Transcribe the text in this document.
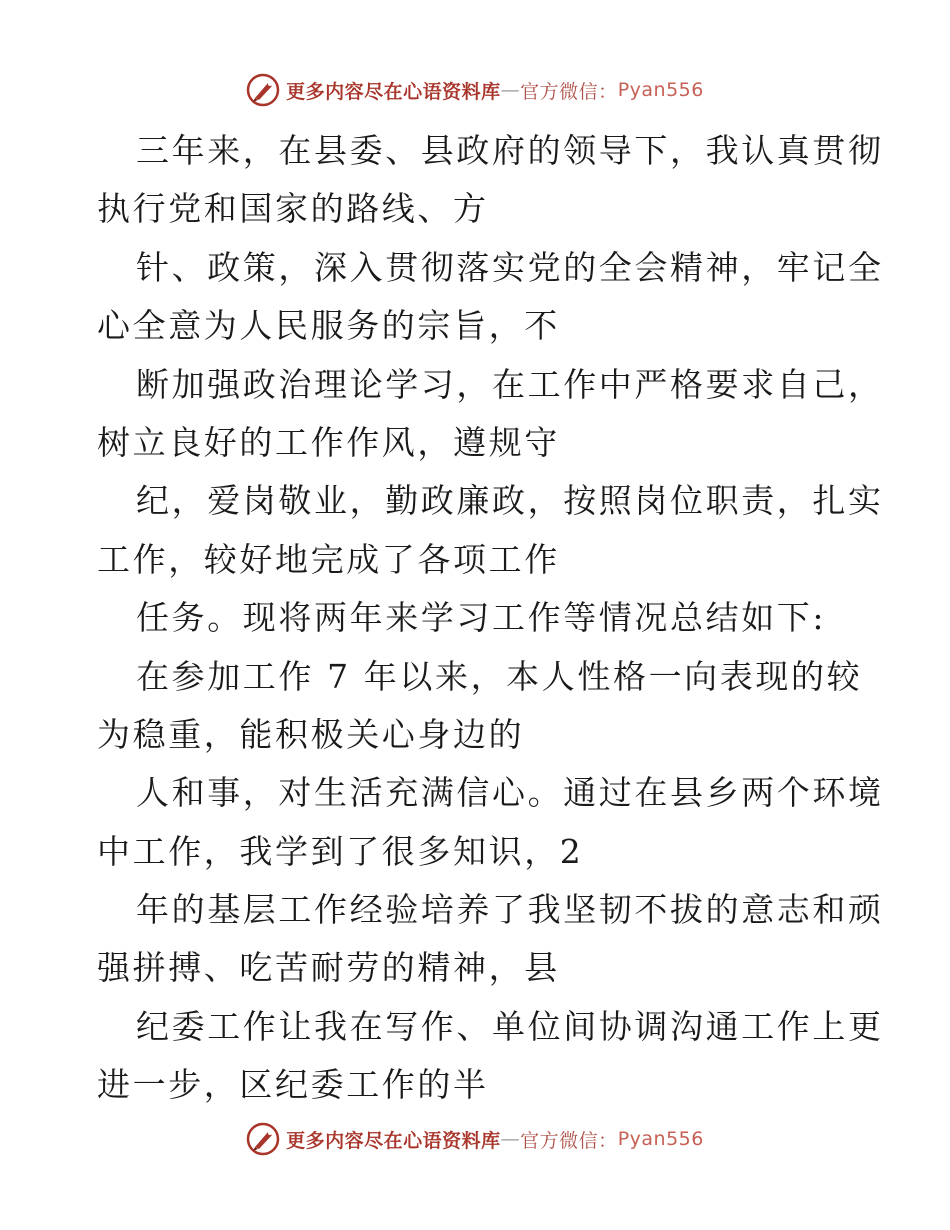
更多内容尽在心语资料库 — 官方微信： Pyan556
三年来，在县委、县政府的领导下，我认真贯彻
执行党和国家的路线、方
针、政策，深入贯彻落实党的全会精神，牢记全
心全意为人民服务的宗旨，不
断加强政治理论学习，在工作中严格要求自己，
树立良好的工作作风，遵规守
纪，爱岗敬业，勤政廉政，按照岗位职责，扎实
工作，较好地完成了各项工作
任务。现将两年来学习工作等情况总结如下:
在参加工作 7 年以来，本人性格一向表现的较
为稳重，能积极关心身边的
人和事，对生活充满信心。通过在县乡两个环境
中工作，我学到了很多知识，2
年的基层工作经验培养了我坚韧不拔的意志和顽
强拼搏、吃苦耐劳的精神，县
纪委工作让我在写作、单位间协调沟通工作上更
进一步，区纪委工作的半
更多内容尽在心语资料库 — 官方微信： Pyan556
